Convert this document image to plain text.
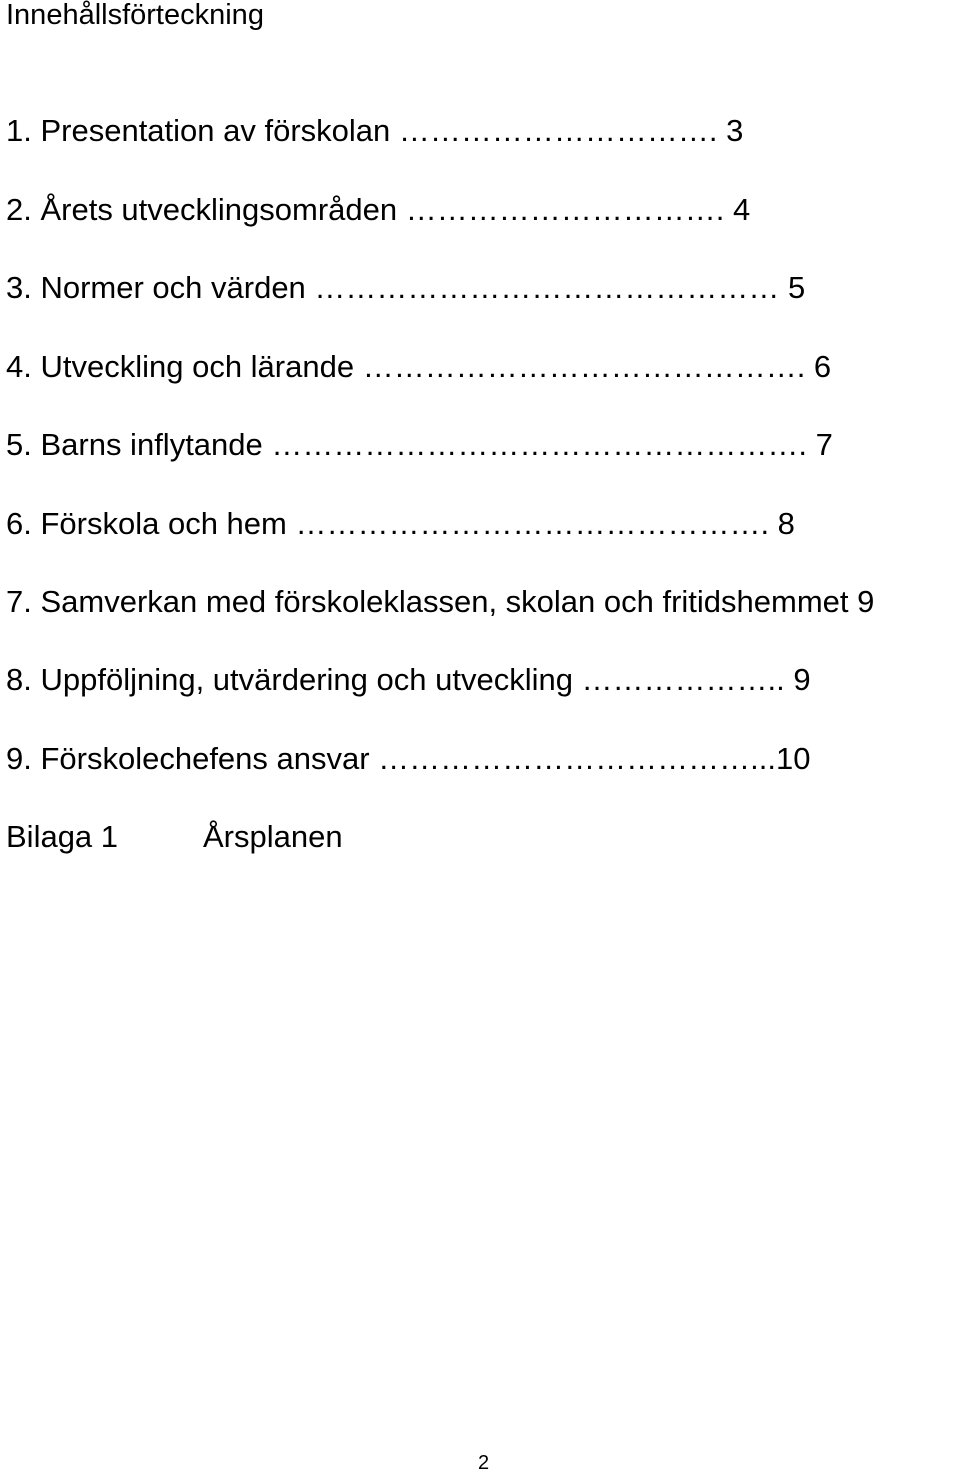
Innehållsförteckning
1. Presentation av förskolan …………………………. 3
2. Årets utvecklingsområden …………………………. 4
3. Normer och värden ……………………………………… 5
4. Utveckling och lärande ……………………………………. 6
5. Barns inflytande ……………………………………………. 7
6. Förskola och hem ………………………………………. 8
7. Samverkan med förskoleklassen, skolan och fritidshemmet 9
8. Uppföljning, utvärdering och utveckling ……………….. 9
9. Förskolechefens ansvar ………………………………...10
Bilaga 1	Årsplanen
2
